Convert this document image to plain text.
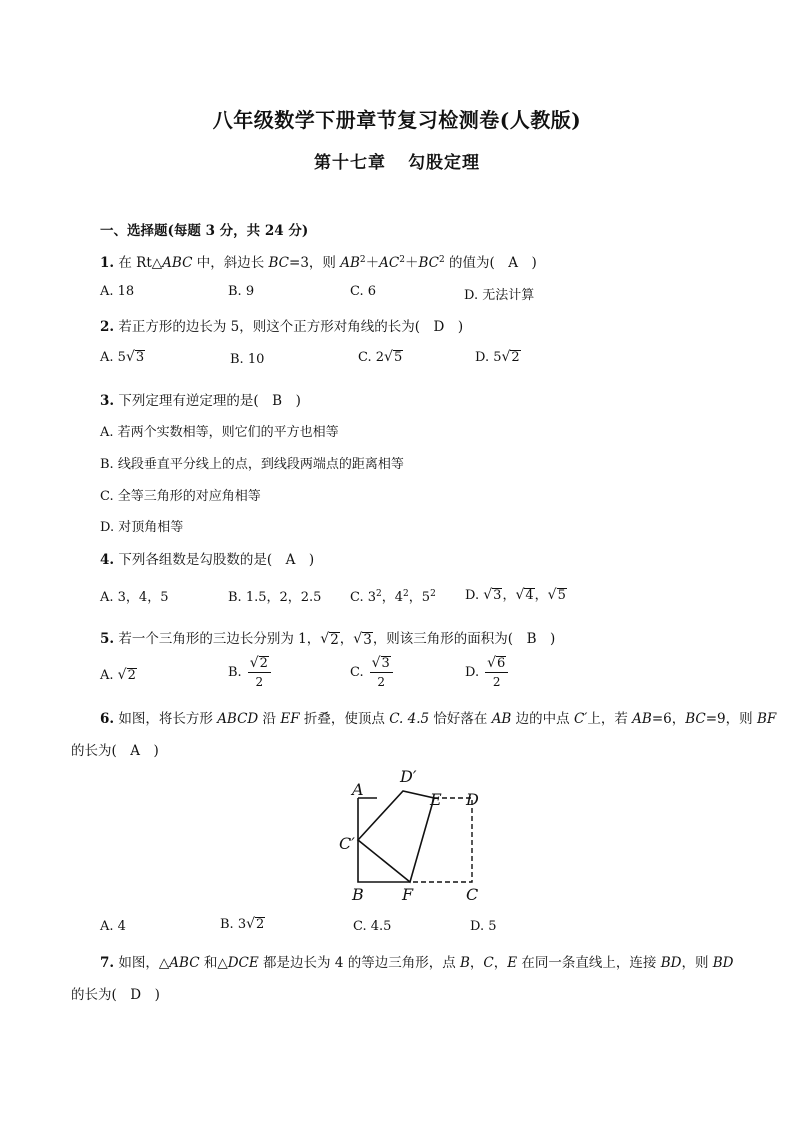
八年级数学下册章节复习检测卷(人教版)
第十七章 勾股定理
一、选择题(每题 3 分，共 24 分)
1. 在 Rt△ABC 中，斜边长 BC=3，则 $AB^2+AC^2+BC^2$ 的值为(　A　)
A. 18	B. 9	C. 6	D. 无法计算
2. 若正方形的边长为 5，则这个正方形对角线的长为(　D　)
A. 5 √ 3	B. 10	C. 2 √ 5	D. 5 √ 2
3. 下列定理有逆定理的是(　B　)
A. 若两个实数相等，则它们的平方也相等
B. 线段垂直平分线上的点，到线段两端点的距离相等
C. 全等三角形的对应角相等
D. 对顶角相等
4. 下列各组数是勾股数的是(　A　)
A. 3，4，5	B. 1.5，2，2.5 C. $3^2$，$4^2$，$5^2$ D. √ 3 ， √ 4 ， √ 5
5. 若一个三角形的三边长分别为 1， √ 2 ， √ 3 ，则该三角形的面积为(　B　)
A. √ 2	B. $\frac{√ 2}{2}$	C. $\frac{√ 3}{2}$	D. $\frac{√ 6}{2}$
6. 如图，将长方形 ABCD 沿 EF 折叠，使顶点 C. 4.5 恰好落在 AB 边的中点 C′上，若 AB=6，BC=9，则 BF
的长为(　A　)
A
D′
E D
C′
B F	C
A. 4	B. 3 √ 2	C. 4.5	D. 5
7. 如图，△ABC 和△DCE 都是边长为 4 的等边三角形，点 B，C，E 在同一条直线上，连接 BD，则 BD
的长为(　D　)
